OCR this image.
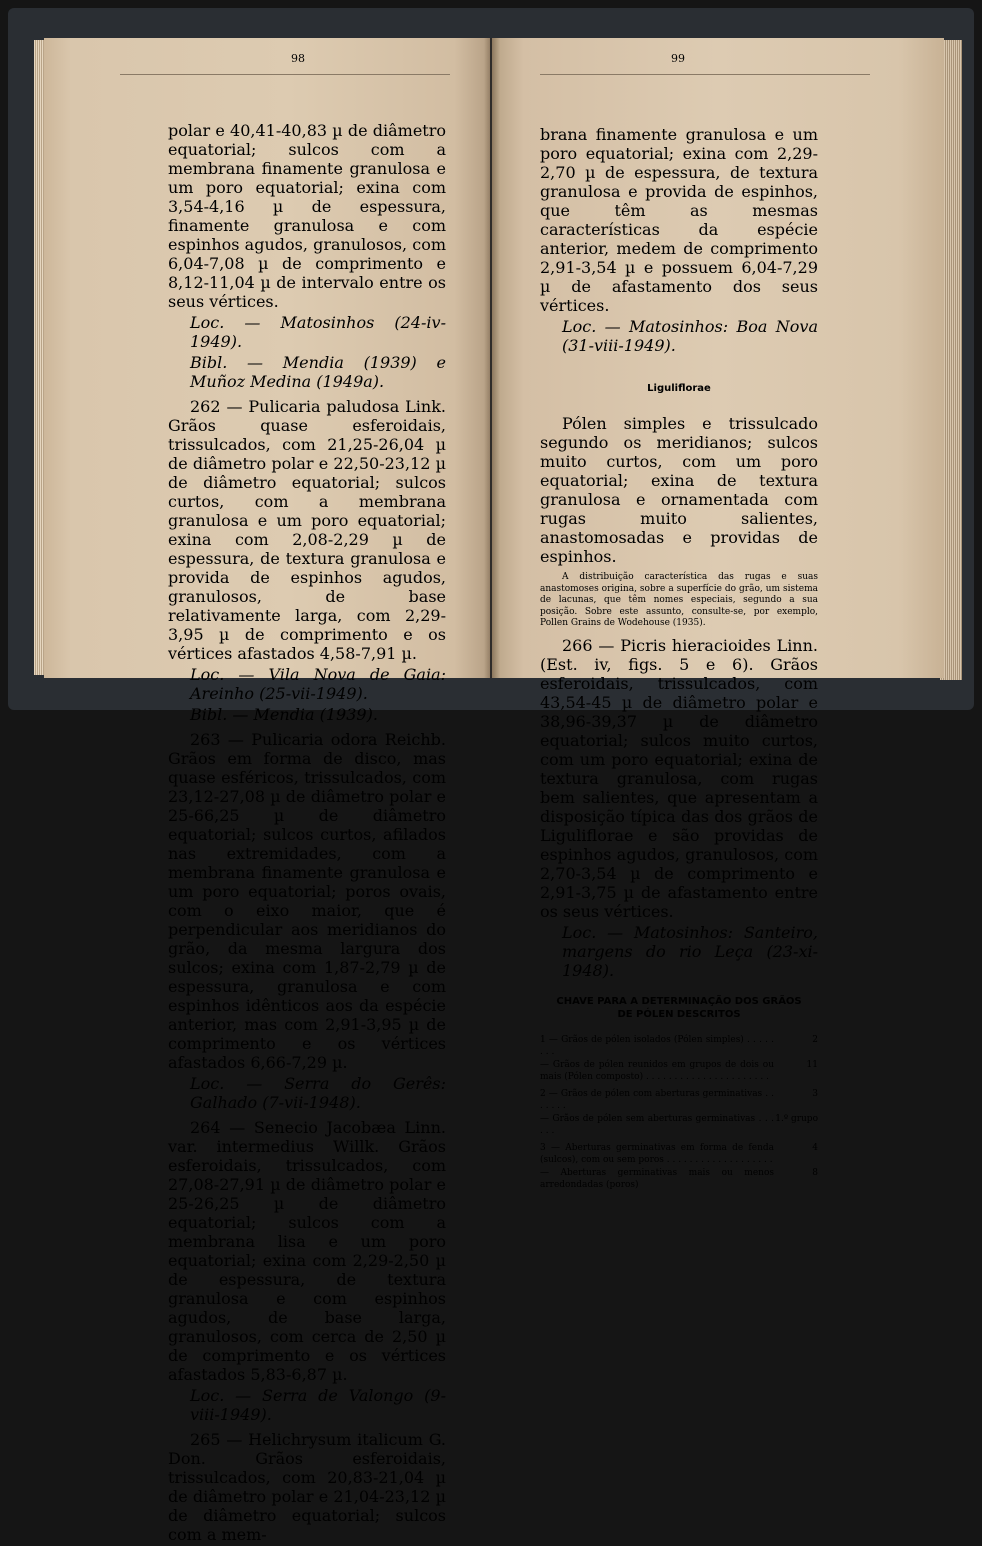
98	99

polar e 40,41-40,83 µ de diâmetro equatorial; sulcos com a membrana finamente granulosa e um poro equatorial; exina com 3,54-4,16 µ de espessura, finamente granulosa e com espinhos agudos, granulosos, com 6,04-7,08 µ de comprimento e 8,12-11,04 µ de intervalo entre os seus vértices.

Loc. — Matosinhos (24-iv-1949).

Bibl. — Mendia (1939) e Muñoz Medina (1949a).

262 — Pulicaria paludosa Link. Grãos quase esferoidais, trissulcados, com 21,25-26,04 µ de diâmetro polar e 22,50-23,12 µ de diâmetro equatorial; sulcos curtos, com a membrana granulosa e um poro equatorial; exina com 2,08-2,29 µ de espessura, de textura granulosa e provida de espinhos agudos, granulosos, de base relativamente larga, com 2,29-3,95 µ de comprimento e os vértices afastados 4,58-7,91 µ.

Loc. — Vila Nova de Gaia: Areinho (25-vii-1949).

Bibl. — Mendia (1939).

263 — Pulicaria odora Reichb. Grãos em forma de disco, mas quase esféricos, trissulcados, com 23,12-27,08 µ de diâmetro polar e 25-66,25 µ de diâmetro equatorial; sulcos curtos, afilados nas extremidades, com a membrana finamente granulosa e um poro equatorial; poros ovais, com o eixo maior, que é perpendicular aos meridianos do grão, da mesma largura dos sulcos; exina com 1,87-2,79 µ de espessura, granulosa e com espinhos idênticos aos da espécie anterior, mas com 2,91-3,95 µ de comprimento e os vértices afastados 6,66-7,29 µ.

Loc. — Serra do Gerês: Galhado (7-vii-1948).

264 — Senecio Jacobæa Linn. var. intermedius Willk. Grãos esferoidais, trissulcados, com 27,08-27,91 µ de diâmetro polar e 25-26,25 µ de diâmetro equatorial; sulcos com a membrana lisa e um poro equatorial; exina com 2,29-2,50 µ de espessura, de textura granulosa e com espinhos agudos, de base larga, granulosos, com cerca de 2,50 µ de comprimento e os vértices afastados 5,83-6,87 µ.

Loc. — Serra de Valongo (9-viii-1949).

265 — Helichrysum italicum G. Don. Grãos esferoidais, trissulcados, com 20,83-21,04 µ de diâmetro polar e 21,04-23,12 µ de diâmetro equatorial; sulcos com a mem-

brana finamente granulosa e um poro equatorial; exina com 2,29-2,70 µ de espessura, de textura granulosa e provida de espinhos, que têm as mesmas características da espécie anterior, medem de comprimento 2,91-3,54 µ e possuem 6,04-7,29 µ de afastamento dos seus vértices.

Loc. — Matosinhos: Boa Nova (31-viii-1949).

Liguliflorae

Pólen simples e trissulcado segundo os meridianos; sulcos muito curtos, com um poro equatorial; exina de textura granulosa e ornamentada com rugas muito salientes, anastomosadas e providas de espinhos.

A distribuição característica das rugas e suas anastomoses origina, sobre a superfície do grão, um sistema de lacunas, que têm nomes especiais, segundo a sua posição. Sobre este assunto, consulte-se, por exemplo, Pollen Grains de Wodehouse (1935).

266 — Picris hieracioides Linn. (Est. iv, figs. 5 e 6). Grãos esferoidais, trissulcados, com 43,54-45 µ de diâmetro polar e 38,96-39,37 µ de diâmetro equatorial; sulcos muito curtos, com um poro equatorial; exina de textura granulosa, com rugas bem salientes, que apresentam a disposição típica das dos grãos de Liguliflorae e são providas de espinhos agudos, granulosos, com 2,70-3,54 µ de comprimento e 2,91-3,75 µ de afastamento entre os seus vértices.

Loc. — Matosinhos: Santeiro, margens do rio Leça (23-xi-1948).

CHAVE PARA A DETERMINAÇÃO DOS GRÃOS

DE PÓLEN DESCRITOS

1 — Grãos de pólen isolados (Pólen simples) . . . . . . . .
2
— Grãos de pólen reunidos em grupos de dois ou mais (Pólen composto) . . . . . . . . . . . . . . . . . . . . . .
11
2 — Grãos de pólen com aberturas germinativas . . . . . . .
3
— Grãos de pólen sem aberturas germinativas . . . . . .
1.º grupo
3 — Aberturas germinativas em forma de fenda (sulcos), com ou sem poros . . . . . . . . . . . . . . . . . . .
4
— Aberturas germinativas mais ou menos arredondadas (poros)
8
